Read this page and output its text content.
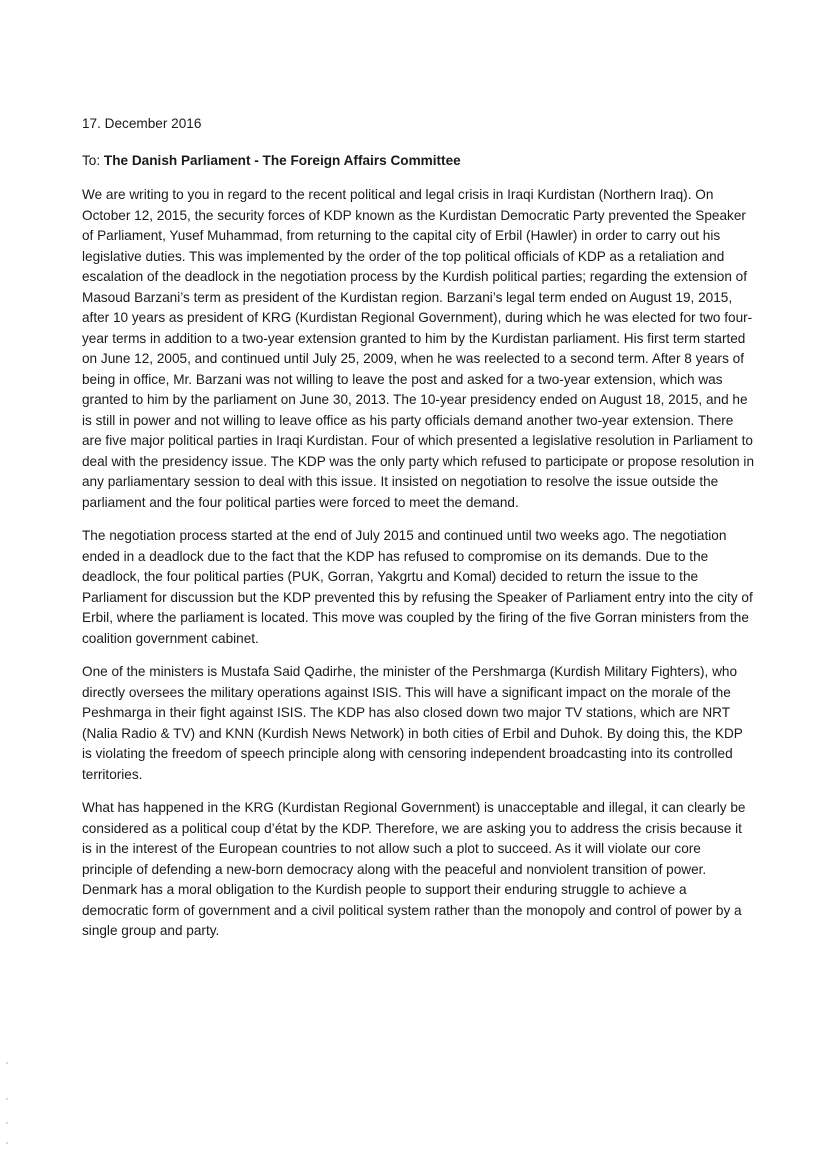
17. December 2016

To: The Danish Parliament - The Foreign Affairs Committee

We are writing to you in regard to the recent political and legal crisis in Iraqi Kurdistan (Northern Iraq). On October 12, 2015, the security forces of KDP known as the Kurdistan Democratic Party prevented the Speaker of Parliament, Yusef Muhammad, from returning to the capital city of Erbil (Hawler) in order to carry out his legislative duties. This was implemented by the order of the top political officials of KDP as a retaliation and escalation of the deadlock in the negotiation process by the Kurdish political parties; regarding the extension of Masoud Barzani’s term as president of the Kurdistan region. Barzani’s legal term ended on August 19, 2015, after 10 years as president of KRG (Kurdistan Regional Government), during which he was elected for two four-year terms in addition to a two-year extension granted to him by the Kurdistan parliament. His first term started on June 12, 2005, and continued until July 25, 2009, when he was reelected to a second term. After 8 years of being in office, Mr. Barzani was not willing to leave the post and asked for a two-year extension, which was granted to him by the parliament on June 30, 2013. The 10-year presidency ended on August 18, 2015, and he is still in power and not willing to leave office as his party officials demand another two-year extension. There are five major political parties in Iraqi Kurdistan. Four of which presented a legislative resolution in Parliament to deal with the presidency issue. The KDP was the only party which refused to participate or propose resolution in any parliamentary session to deal with this issue. It insisted on negotiation to resolve the issue outside the parliament and the four political parties were forced to meet the demand.

The negotiation process started at the end of July 2015 and continued until two weeks ago. The negotiation ended in a deadlock due to the fact that the KDP has refused to compromise on its demands. Due to the deadlock, the four political parties (PUK, Gorran, Yakgrtu and Komal) decided to return the issue to the Parliament for discussion but the KDP prevented this by refusing the Speaker of Parliament entry into the city of Erbil, where the parliament is located. This move was coupled by the firing of the five Gorran ministers from the coalition government cabinet.

One of the ministers is Mustafa Said Qadirhe, the minister of the Pershmarga (Kurdish Military Fighters), who directly oversees the military operations against ISIS. This will have a significant impact on the morale of the Peshmarga in their fight against ISIS. The KDP has also closed down two major TV stations, which are NRT (Nalia Radio & TV) and KNN (Kurdish News Network) in both cities of Erbil and Duhok. By doing this, the KDP is violating the freedom of speech principle along with censoring independent broadcasting into its controlled territories.

What has happened in the KRG (Kurdistan Regional Government) is unacceptable and illegal, it can clearly be considered as a political coup d’état by the KDP. Therefore, we are asking you to address the crisis because it is in the interest of the European countries to not allow such a plot to succeed. As it will violate our core principle of defending a new-born democracy along with the peaceful and nonviolent transition of power. Denmark has a moral obligation to the Kurdish people to support their enduring struggle to achieve a democratic form of government and a civil political system rather than the monopoly and control of power by a single group and party.
